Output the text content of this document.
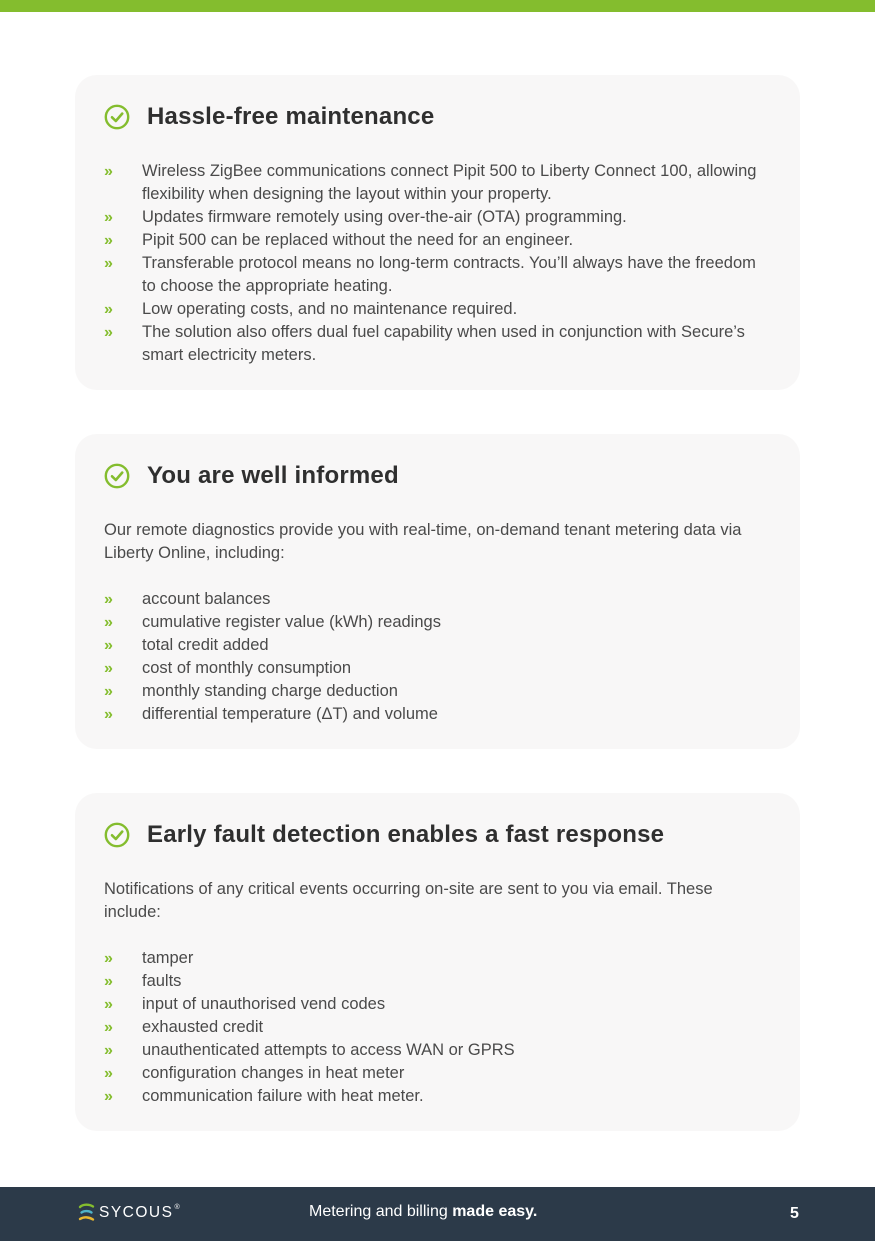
Hassle-free maintenance
» Wireless ZigBee communications connect Pipit 500 to Liberty Connect 100, allowing flexibility when designing the layout within your property.
» Updates firmware remotely using over-the-air (OTA) programming.
» Pipit 500 can be replaced without the need for an engineer.
» Transferable protocol means no long-term contracts. You’ll always have the freedom to choose the appropriate heating.
» Low operating costs, and no maintenance required.
» The solution also offers dual fuel capability when used in conjunction with Secure’s smart electricity meters.
You are well informed

Our remote diagnostics provide you with real-time, on-demand tenant metering data via Liberty Online, including:

» account balances
» cumulative register value (kWh) readings
» total credit added
» cost of monthly consumption
» monthly standing charge deduction
» differential temperature (ΔT) and volume
Early fault detection enables a fast response

Notifications of any critical events occurring on-site are sent to you via email. These include:

» tamper
» faults
» input of unauthorised vend codes
» exhausted credit
» unauthenticated attempts to access WAN or GPRS
» configuration changes in heat meter
» communication failure with heat meter.
SYCOUS ®	Metering and billing made easy.	5
